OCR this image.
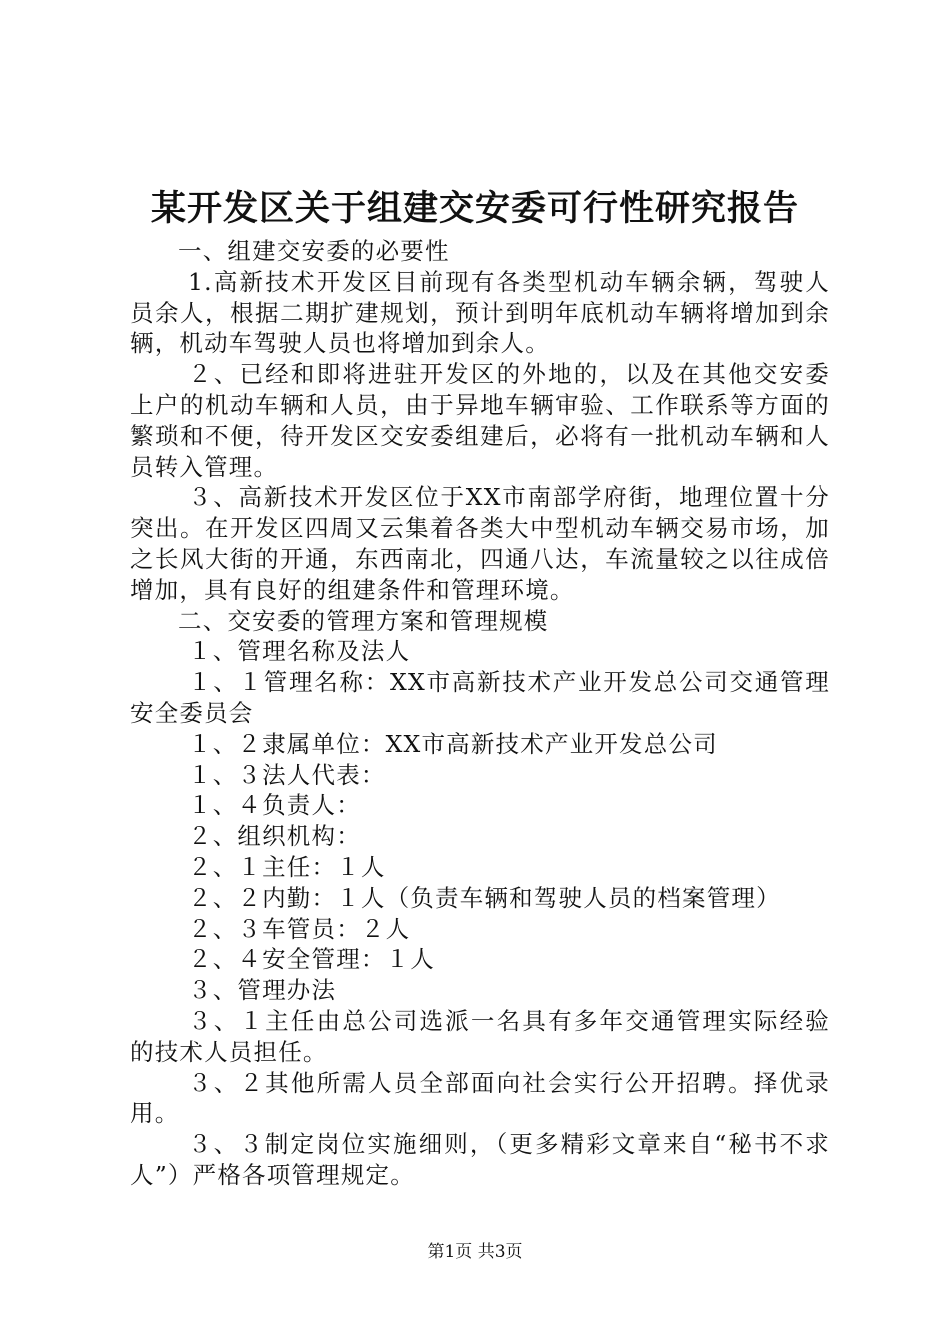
某开发区关于组建交安委可行性研究报告

一、组建交安委的必要性

1.高新技术开发区目前现有各类型机动车辆余辆，驾驶人员余人，根据二期扩建规划，预计到明年底机动车辆将增加到余辆，机动车驾驶人员也将增加到余人。

２、已经和即将进驻开发区的外地的，以及在其他交安委上户的机动车辆和人员，由于异地车辆审验、工作联系等方面的繁琐和不便，待开发区交安委组建后，必将有一批机动车辆和人员转入管理。

３、高新技术开发区位于XX市南部学府街，地理位置十分突出。在开发区四周又云集着各类大中型机动车辆交易市场，加之长风大街的开通，东西南北，四通八达，车流量较之以往成倍增加，具有良好的组建条件和管理环境。

二、交安委的管理方案和管理规模

１、管理名称及法人

１、１管理名称：XX市高新技术产业开发总公司交通管理安全委员会

１、２隶属单位：XX市高新技术产业开发总公司

１、３法人代表：

１、４负责人：

２、组织机构：

２、１主任：１人

２、２内勤：１人（负责车辆和驾驶人员的档案管理）

２、３车管员：２人

２、４安全管理：１人

３、管理办法

３、１主任由总公司选派一名具有多年交通管理实际经验的技术人员担任。

３、２其他所需人员全部面向社会实行公开招聘。择优录用。

３、３制定岗位实施细则，（更多精彩文章来自“秘书不求人”）严格各项管理规定。

第1页 共3页
